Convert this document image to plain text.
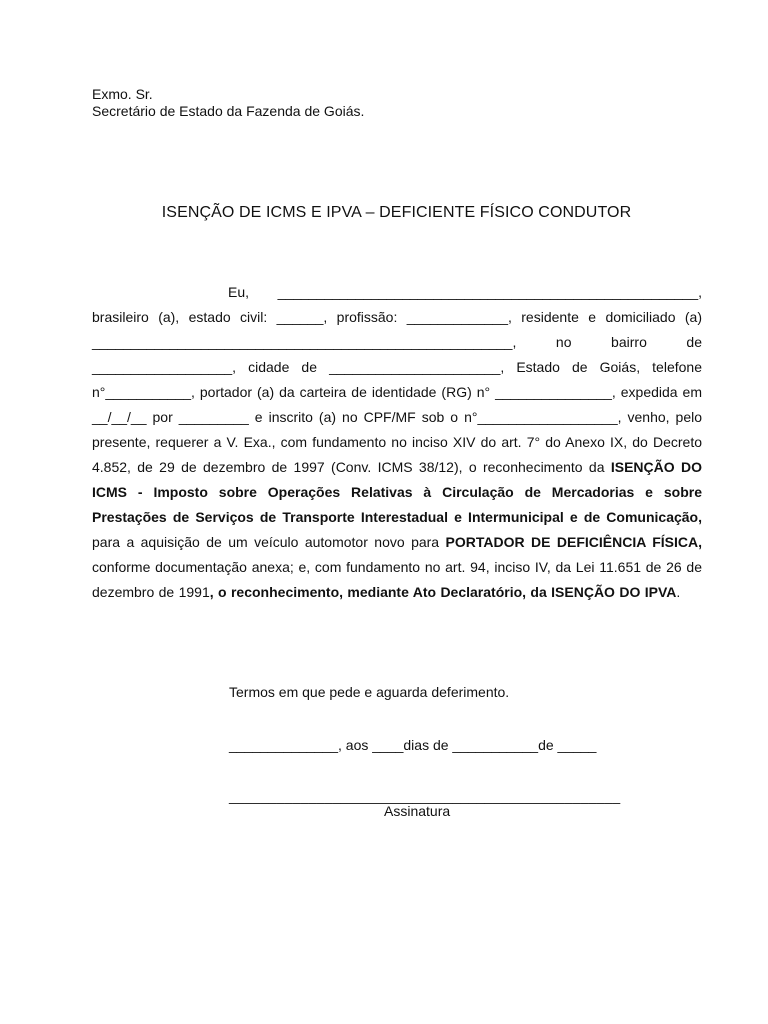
Exmo. Sr.
Secretário de Estado da Fazenda de Goiás.
ISENÇÃO DE ICMS E IPVA – DEFICIENTE FÍSICO CONDUTOR
Eu, ______________________________________________________, brasileiro (a), estado civil: ______, profissão: _____________, residente e domiciliado (a) ______________________________________________________, no bairro de __________________, cidade de ______________________, Estado de Goiás, telefone n°___________, portador (a) da carteira de identidade (RG) n° _______________, expedida em __/__/__ por _________ e inscrito (a) no CPF/MF sob o n°__________________, venho, pelo presente, requerer a V. Exa., com fundamento no inciso XIV do art. 7° do Anexo IX, do Decreto 4.852, de 29 de dezembro de 1997 (Conv. ICMS 38/12), o reconhecimento da ISENÇÃO DO ICMS - Imposto sobre Operações Relativas à Circulação de Mercadorias e sobre Prestações de Serviços de Transporte Interestadual e Intermunicipal e de Comunicação, para a aquisição de um veículo automotor novo para PORTADOR DE DEFICIÊNCIA FÍSICA, conforme documentação anexa; e, com fundamento no art. 94, inciso IV, da Lei 11.651 de 26 de dezembro de 1991, o reconhecimento, mediante Ato Declaratório, da ISENÇÃO DO IPVA.
Termos em que pede e aguarda deferimento.
______________, aos ____dias de ___________de _____
_________________________________________________
Assinatura
